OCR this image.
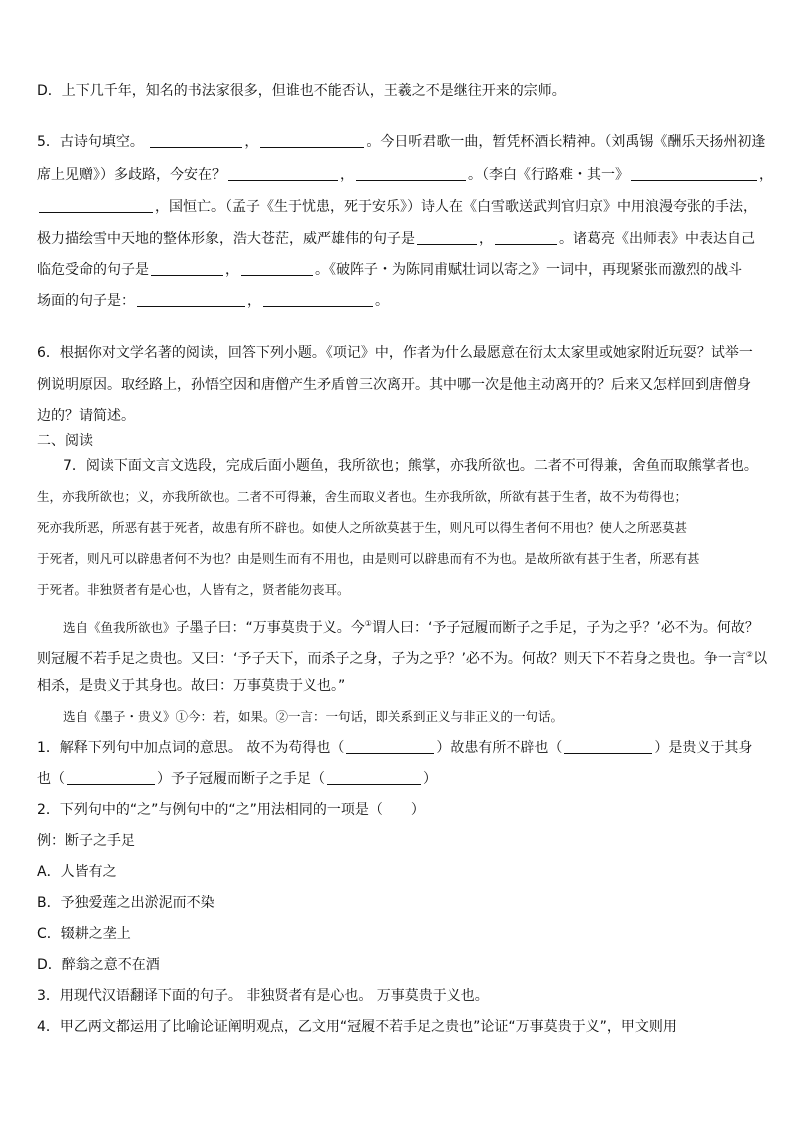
D．上下几千年，知名的书法家很多，但谁也不能否认，王羲之不是继往开来的宗师。
5．古诗句填空。	，	。今日听君歌一曲，暂凭杯酒长精神。（刘禹锡《酬乐天扬州初逢
席上见赠》）多歧路，今安在？	，	。（李白《行路难・其一》	，
，国恒亡。（孟子《生于忧患，死于安乐》）诗人在《白雪歌送武判官归京》中用浪漫夸张的手法，
极力描绘雪中天地的整体形象，浩大苍茫，威严雄伟的句子是	，	。诸葛亮《出师表》中表达自己
临危受命的句子是	，	。《破阵子・为陈同甫赋壮词以寄之》一词中，再现紧张而激烈的战斗
场面的句子是：	，	。
6．根据你对文学名著的阅读，回答下列小题。《项记》中，作者为什么最愿意在衍太太家里或她家附近玩耍？试举一
例说明原因。取经路上，孙悟空因和唐僧产生矛盾曾三次离开。其中哪一次是他主动离开的？后来又怎样回到唐僧身
边的？请简述。
二、阅读
7．阅读下面文言文选段，完成后面小题鱼，我所欲也；熊掌，亦我所欲也。二者不可得兼，舍鱼而取熊掌者也。
生，亦我所欲也；义，亦我所欲也。二者不可得兼，舍生而取义者也。生亦我所欲，所欲有甚于生者，故不为苟得也；
死亦我所恶，所恶有甚于死者，故患有所不辟也。如使人之所欲莫甚于生，则凡可以得生者何不用也？使人之所恶莫甚
于死者，则凡可以辟患者何不为也？由是则生而有不用也，由是则可以辟患而有不为也。是故所欲有甚于生者，所恶有甚
于死者。非独贤者有是心也，人皆有之，贤者能勿丧耳。
选自《鱼我所欲也》子墨子曰：“万事莫贵于义。今①谓人曰：‘予子冠履而断子之手足，子为之乎？’必不为。何故？
则冠履不若手足之贵也。又曰：‘予子天下，而杀子之身，子为之乎？’必不为。何故？则天下不若身之贵也。争一言②以
相杀，是贵义于其身也。故曰：万事莫贵于义也。”
选自《墨子・贵义》①今：若，如果。②一言：一句话，即关系到正义与非正义的一句话。
1．解释下列句中加点词的意思。 故不为苟得也（	）故患有所不辟也（	）是贵义于其身
也（	）予子冠履而断子之手足（	）
2．下列句中的“之”与例句中的“之”用法相同的一项是（　　）
例：断子之手足
A．人皆有之
B．予独爱莲之出淤泥而不染
C．辍耕之垄上
D．醉翁之意不在酒
3．用现代汉语翻译下面的句子。 非独贤者有是心也。 万事莫贵于义也。
4．甲乙两文都运用了比喻论证阐明观点，乙文用“冠履不若手足之贵也”论证“万事莫贵于义”，甲文则用
